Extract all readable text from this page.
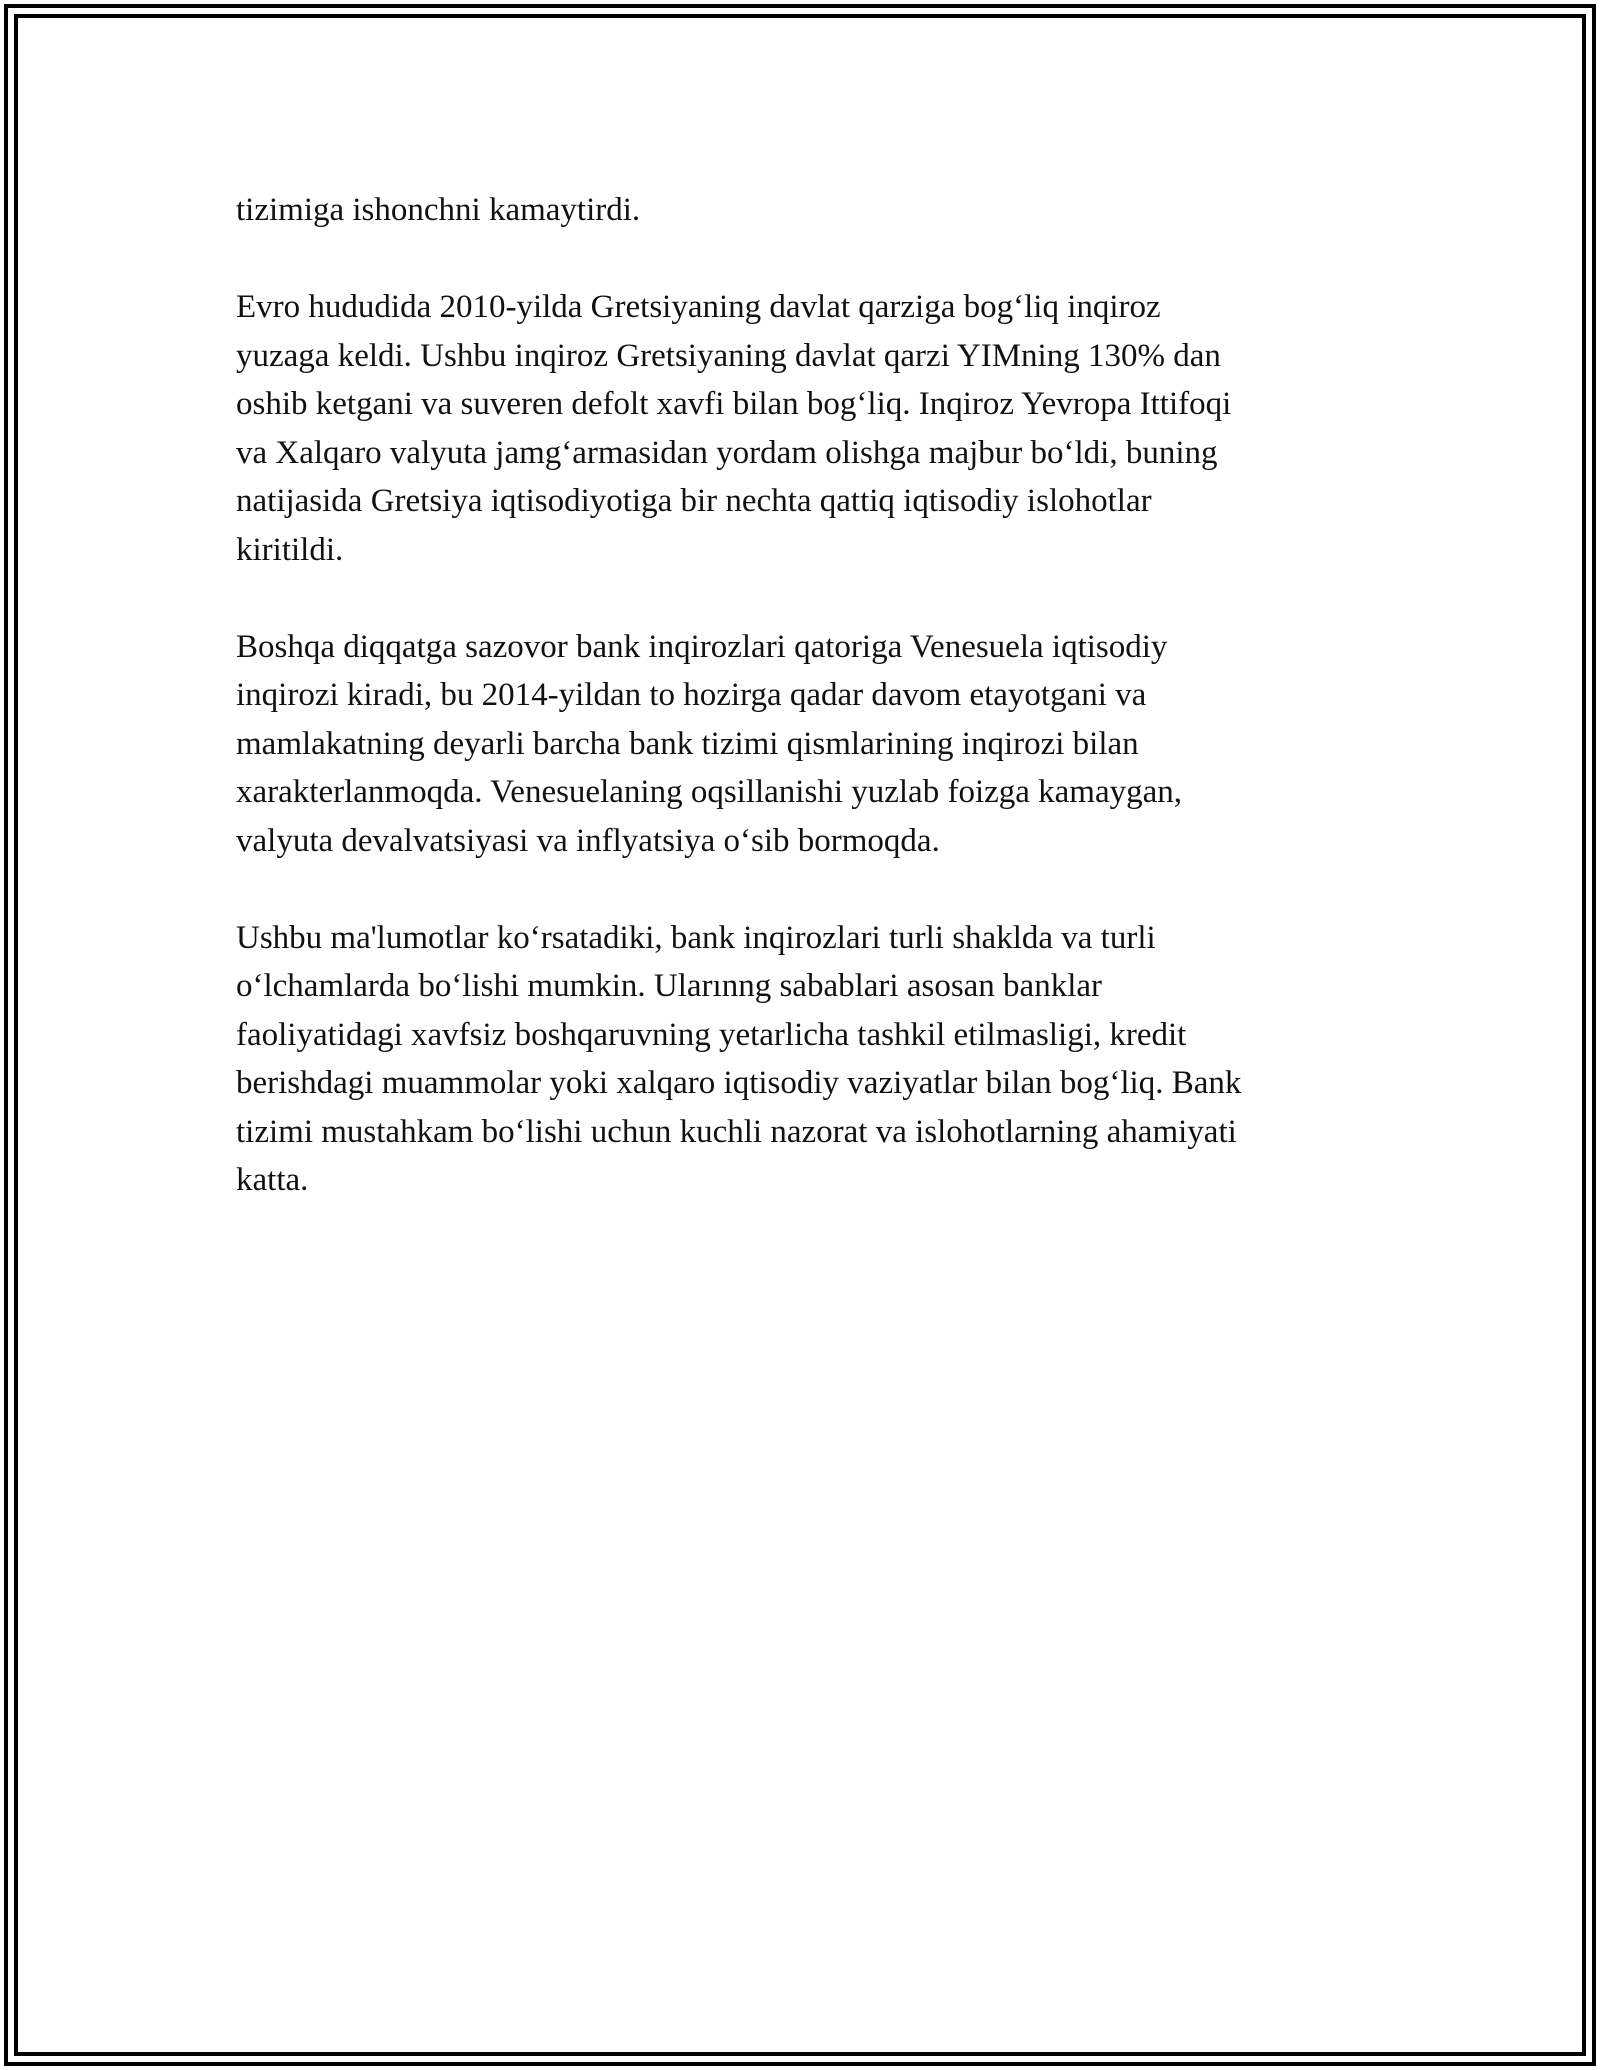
tizimiga ishonchni kamaytirdi.

Evro hududida 2010-yilda Gretsiyaning davlat qarziga bog‘liq inqiroz
yuzaga keldi. Ushbu inqiroz Gretsiyaning davlat qarzi YIMning 130% dan
oshib ketgani va suveren defolt xavfi bilan bog‘liq. Inqiroz Yevropa Ittifoqi
va Xalqaro valyuta jamg‘armasidan yordam olishga majbur bo‘ldi, buning
natijasida Gretsiya iqtisodiyotiga bir nechta qattiq iqtisodiy islohotlar
kiritildi.

Boshqa diqqatga sazovor bank inqirozlari qatoriga Venesuela iqtisodiy
inqirozi kiradi, bu 2014-yildan to hozirga qadar davom etayotgani va
mamlakatning deyarli barcha bank tizimi qismlarining inqirozi bilan
xarakterlanmoqda. Venesuelaning oqsillanishi yuzlab foizga kamaygan,
valyuta devalvatsiyasi va inflyatsiya o‘sib bormoqda.

Ushbu ma'lumotlar ko‘rsatadiki, bank inqirozlari turli shaklda va turli
o‘lchamlarda bo‘lishi mumkin. Ularınng sabablari asosan banklar
faoliyatidagi xavfsiz boshqaruvning yetarlicha tashkil etilmasligi, kredit
berishdagi muammolar yoki xalqaro iqtisodiy vaziyatlar bilan bog‘liq. Bank
tizimi mustahkam bo‘lishi uchun kuchli nazorat va islohotlarning ahamiyati
katta.
